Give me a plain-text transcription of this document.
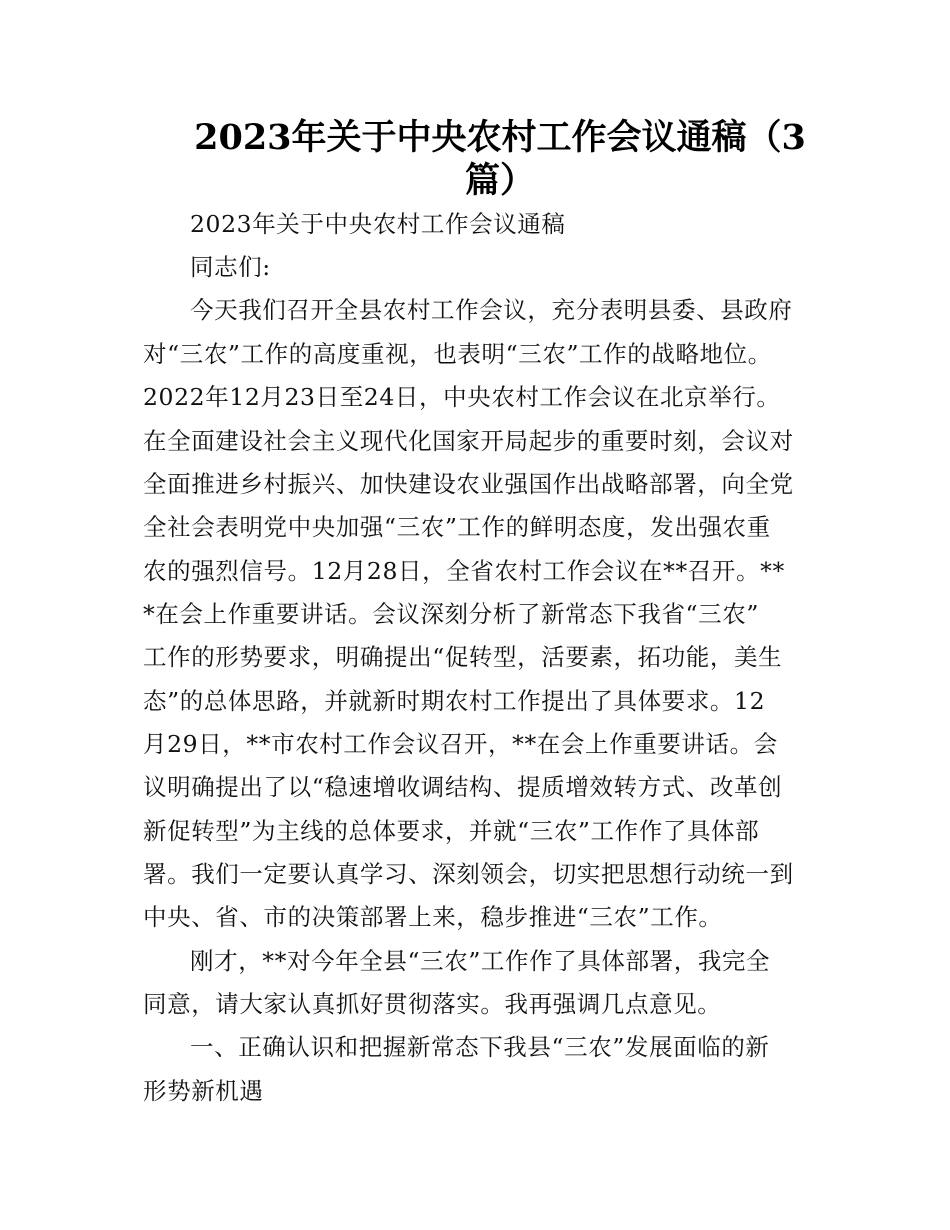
2023年关于中央农村工作会议通稿（3
篇）
2023年关于中央农村工作会议通稿
同志们:
今天我们召开全县农村工作会议，充分表明县委、县政府
对“三农”工作的高度重视，也表明“三农”工作的战略地位。
2022年12月23日至24日，中央农村工作会议在北京举行。
在全面建设社会主义现代化国家开局起步的重要时刻，会议对
全面推进乡村振兴、加快建设农业强国作出战略部署，向全党
全社会表明党中央加强“三农”工作的鲜明态度，发出强农重
农的强烈信号。12月28日，全省农村工作会议在**召开。**
*在会上作重要讲话。会议深刻分析了新常态下我省“三农”
工作的形势要求，明确提出“促转型，活要素，拓功能，美生
态”的总体思路，并就新时期农村工作提出了具体要求。12
月29日，**市农村工作会议召开，**在会上作重要讲话。会
议明确提出了以“稳速增收调结构、提质增效转方式、改革创
新促转型”为主线的总体要求，并就“三农”工作作了具体部
署。我们一定要认真学习、深刻领会，切实把思想行动统一到
中央、省、市的决策部署上来，稳步推进“三农”工作。
刚才，**对今年全县“三农”工作作了具体部署，我完全
同意，请大家认真抓好贯彻落实。我再强调几点意见。
一、正确认识和把握新常态下我县“三农”发展面临的新
形势新机遇
